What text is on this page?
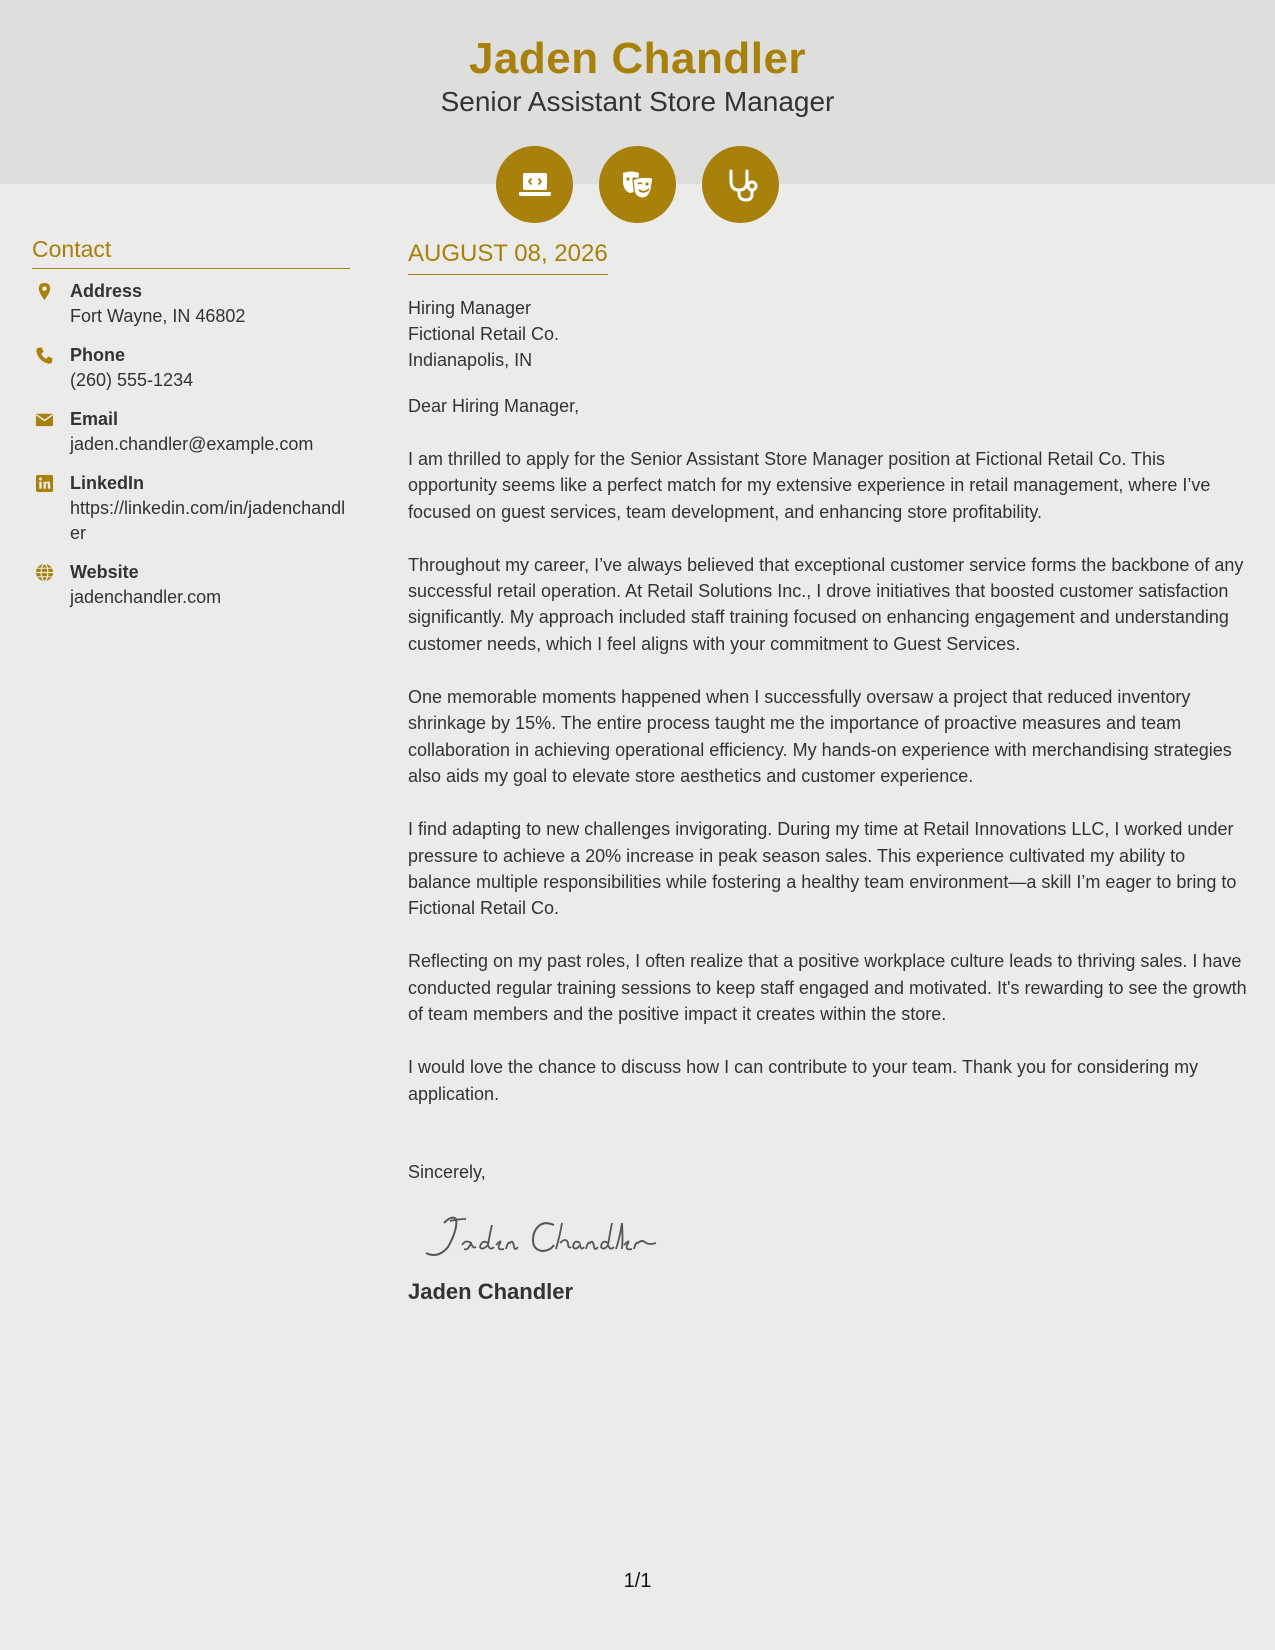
Jaden Chandler
Senior Assistant Store Manager
Contact
Address
Fort Wayne, IN 46802
Phone
(260) 555-1234
Email
jaden.chandler@example.com
LinkedIn
https://linkedin.com/in/jadenchandler
Website
jadenchandler.com
AUGUST 08, 2026
Hiring Manager
Fictional Retail Co.
Indianapolis, IN
Dear Hiring Manager,
I am thrilled to apply for the Senior Assistant Store Manager position at Fictional Retail Co. This opportunity seems like a perfect match for my extensive experience in retail management, where I’ve focused on guest services, team development, and enhancing store profitability.
Throughout my career, I’ve always believed that exceptional customer service forms the backbone of any successful retail operation. At Retail Solutions Inc., I drove initiatives that boosted customer satisfaction significantly. My approach included staff training focused on enhancing engagement and understanding customer needs, which I feel aligns with your commitment to Guest Services.
One memorable moments happened when I successfully oversaw a project that reduced inventory shrinkage by 15%. The entire process taught me the importance of proactive measures and team collaboration in achieving operational efficiency. My hands-on experience with merchandising strategies also aids my goal to elevate store aesthetics and customer experience.
I find adapting to new challenges invigorating. During my time at Retail Innovations LLC, I worked under pressure to achieve a 20% increase in peak season sales. This experience cultivated my ability to balance multiple responsibilities while fostering a healthy team environment—a skill I’m eager to bring to Fictional Retail Co.
Reflecting on my past roles, I often realize that a positive workplace culture leads to thriving sales. I have conducted regular training sessions to keep staff engaged and motivated. It's rewarding to see the growth of team members and the positive impact it creates within the store.
I would love the chance to discuss how I can contribute to your team. Thank you for considering my application.
Sincerely,
Jaden Chandler
1/1
